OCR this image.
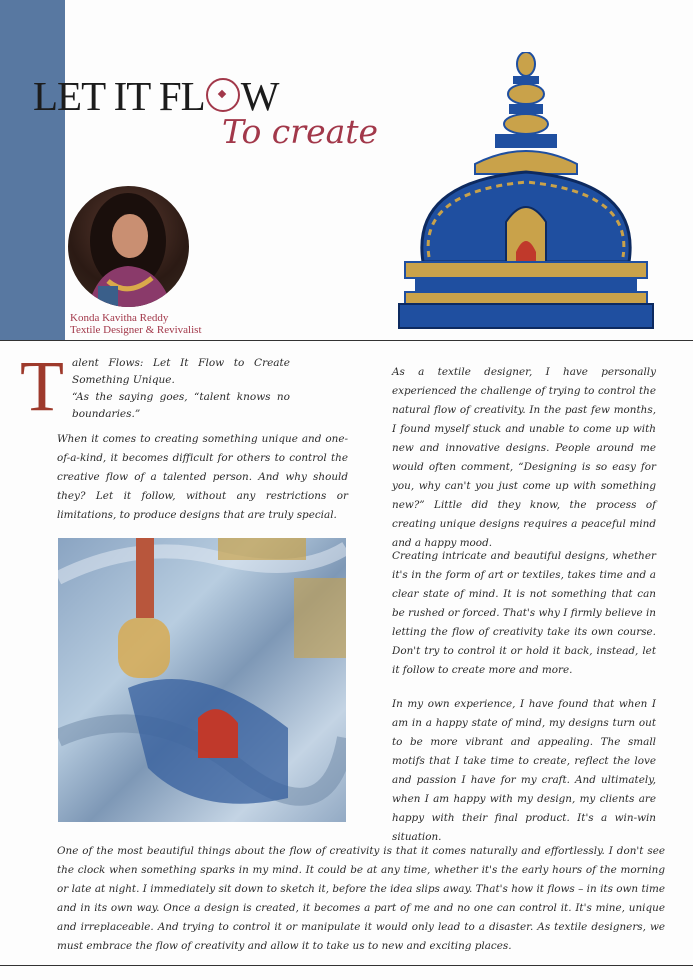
LET IT FL W
To create
Konda Kavitha Reddy
Textile Designer & Revivalist
T alent Flows: Let It Flow to Create Something Unique.
“As the saying goes, “talent knows no boundaries.”

When it comes to creating something unique and one-of-a-kind, it becomes difficult for others to control the creative flow of a talented person. And why should they? Let it follow, without any restrictions or limitations, to produce designs that are truly special.

As a textile designer, I have personally experienced the challenge of trying to control the natural flow of creativity. In the past few months, I found myself stuck and unable to come up with new and innovative designs. People around me would often comment, “Designing is so easy for you, why can't you just come up with something new?” Little did they know, the process of creating unique designs requires a peaceful mind and a happy mood.

Creating intricate and beautiful designs, whether it's in the form of art or textiles, takes time and a clear state of mind. It is not something that can be rushed or forced. That's why I firmly believe in letting the flow of creativity take its own course. Don't try to control it or hold it back, instead, let it follow to create more and more.

In my own experience, I have found that when I am in a happy state of mind, my designs turn out to be more vibrant and appealing. The small motifs that I take time to create, reflect the love and passion I have for my craft. And ultimately, when I am happy with my design, my clients are happy with their final product. It's a win-win situation.

One of the most beautiful things about the flow of creativity is that it comes naturally and effortlessly. I don't see the clock when something sparks in my mind. It could be at any time, whether it's the early hours of the morning or late at night. I immediately sit down to sketch it, before the idea slips away. That's how it flows – in its own time and in its own way. Once a design is created, it becomes a part of me and no one can control it. It's mine, unique and irreplaceable. And trying to control it or manipulate it would only lead to a disaster. As textile designers, we must embrace the flow of creativity and allow it to take us to new and exciting places.
